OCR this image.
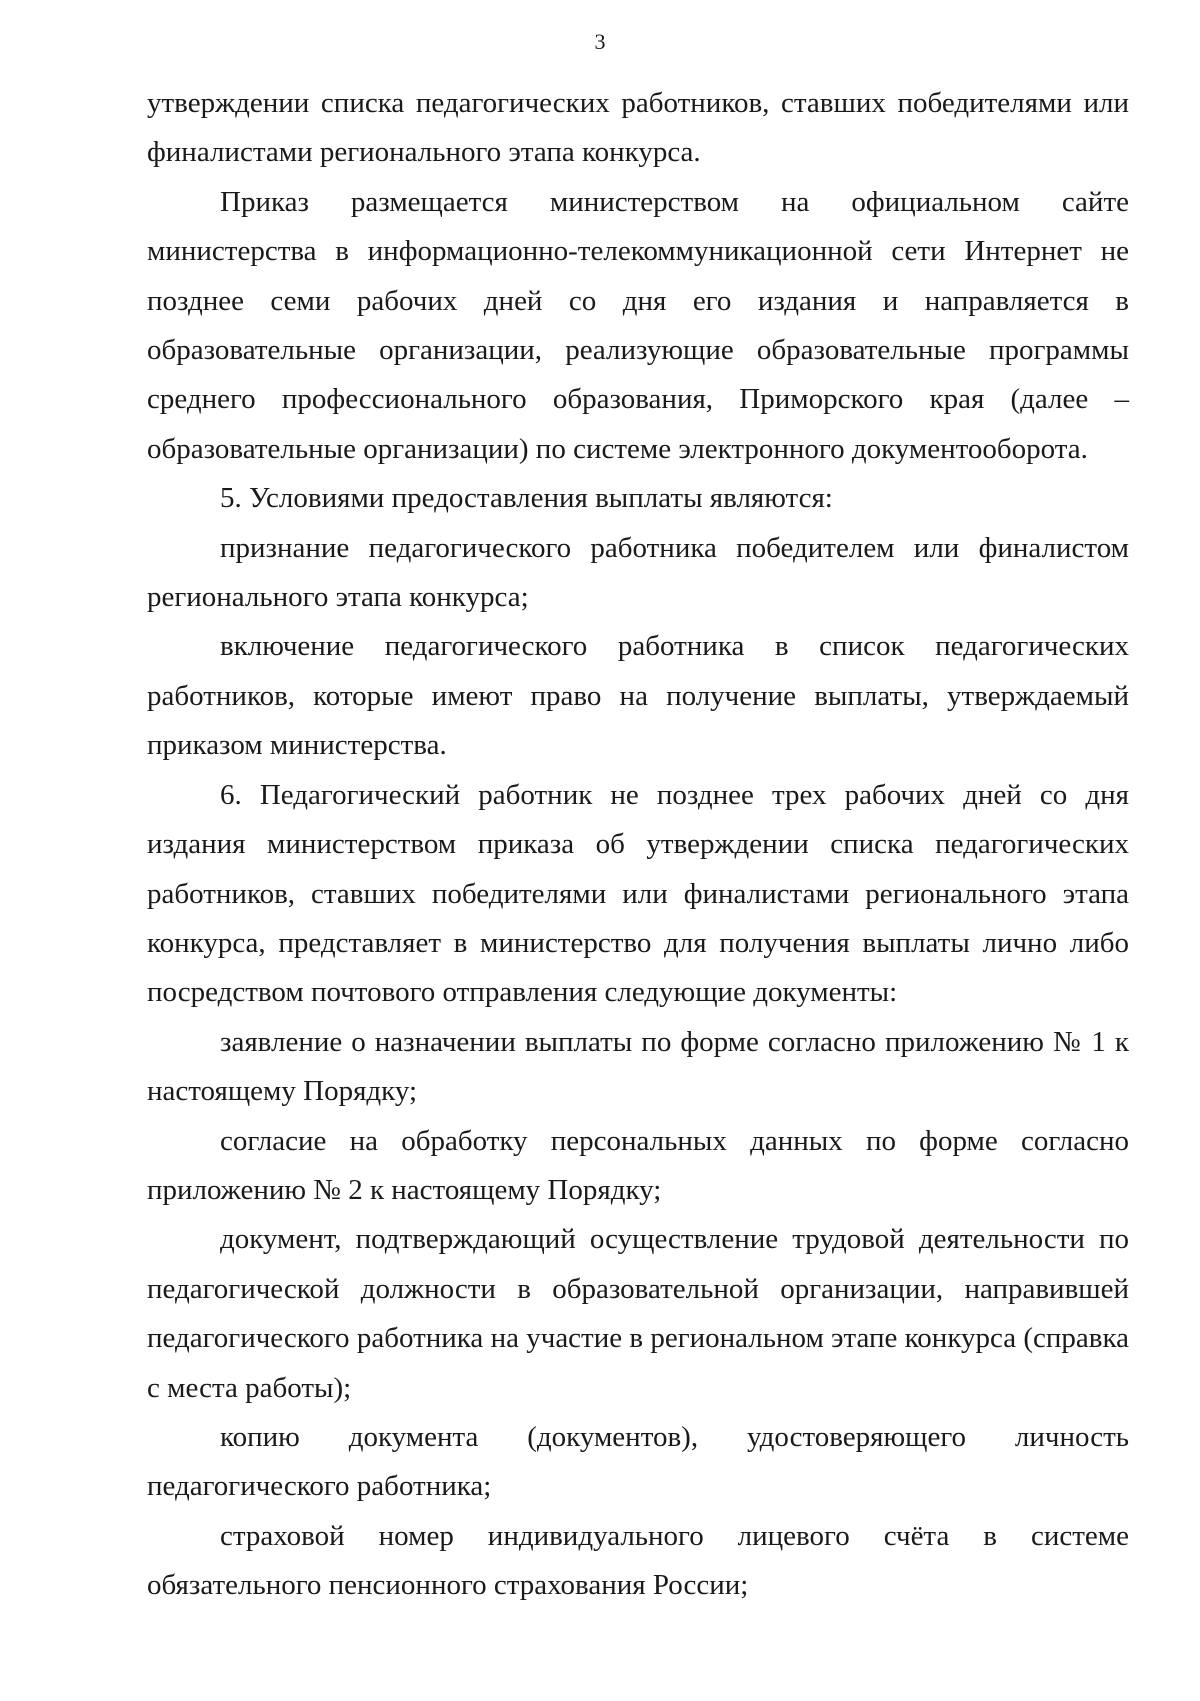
3

утверждении списка педагогических работников, ставших победителями или финалистами регионального этапа конкурса.

Приказ размещается министерством на официальном сайте министерства в информационно-телекоммуникационной сети Интернет не позднее семи рабочих дней со дня его издания и направляется в образовательные организации, реализующие образовательные программы среднего профессионального образования, Приморского края (далее – образовательные организации) по системе электронного документооборота.

5. Условиями предоставления выплаты являются:

признание педагогического работника победителем или финалистом регионального этапа конкурса;

включение педагогического работника в список педагогических работников, которые имеют право на получение выплаты, утверждаемый приказом министерства.

6. Педагогический работник не позднее трех рабочих дней со дня издания министерством приказа об утверждении списка педагогических работников, ставших победителями или финалистами регионального этапа конкурса, представляет в министерство для получения выплаты лично либо посредством почтового отправления следующие документы:

заявление о назначении выплаты по форме согласно приложению № 1 к настоящему Порядку;

согласие на обработку персональных данных по форме согласно приложению № 2 к настоящему Порядку;

документ, подтверждающий осуществление трудовой деятельности по педагогической должности в образовательной организации, направившей педагогического работника на участие в региональном этапе конкурса (справка с места работы);

копию документа (документов), удостоверяющего личность педагогического работника;

страховой номер индивидуального лицевого счёта в системе обязательного пенсионного страхования России;
